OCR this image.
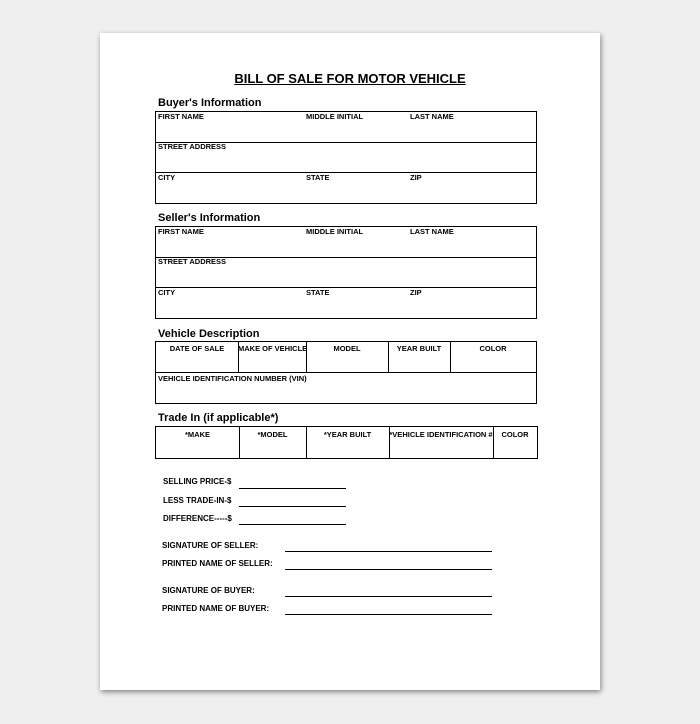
BILL OF SALE FOR MOTOR VEHICLE
Buyer's Information
FIRST NAME	MIDDLE INITIAL	LAST NAME
STREET ADDRESS
CITY	STATE	ZIP
Seller's Information
FIRST NAME	MIDDLE INITIAL	LAST NAME
STREET ADDRESS
CITY	STATE	ZIP
Vehicle Description
DATE OF SALE	MAKE OF VEHICLE	MODEL	YEAR BUILT	COLOR
VEHICLE IDENTIFICATION NUMBER (VIN)
Trade In (if applicable*)
*MAKE	*MODEL	*YEAR BUILT	*VEHICLE IDENTIFICATION #	COLOR
SELLING PRICE-$
LESS TRADE-IN-$
DIFFERENCE-----$
SIGNATURE OF SELLER:
PRINTED NAME OF SELLER:
SIGNATURE OF BUYER:
PRINTED NAME OF BUYER:
